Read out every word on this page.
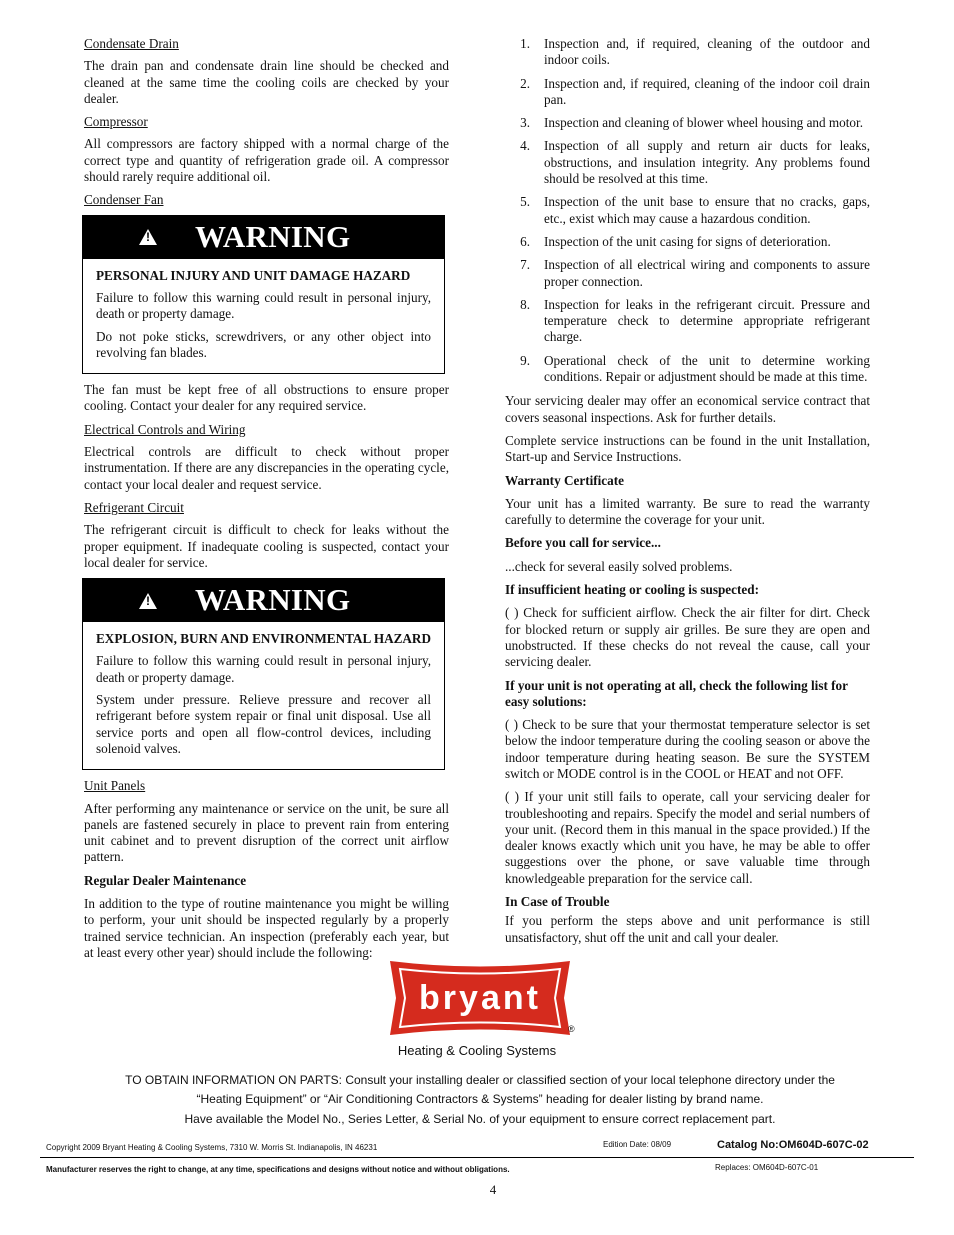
Condensate Drain

The drain pan and condensate drain line should be checked and cleaned at the same time the cooling coils are checked by your dealer.

Compressor

All compressors are factory shipped with a normal charge of the correct type and quantity of refrigeration grade oil. A compressor should rarely require additional oil.

Condenser Fan
! WARNING
PERSONAL INJURY AND UNIT DAMAGE HAZARD

Failure to follow this warning could result in personal injury, death or property damage.

Do not poke sticks, screwdrivers, or any other object into revolving fan blades.

The fan must be kept free of all obstructions to ensure proper cooling. Contact your dealer for any required service.

Electrical Controls and Wiring

Electrical controls are difficult to check without proper instrumentation. If there are any discrepancies in the operating cycle, contact your local dealer and request service.

Refrigerant Circuit

The refrigerant circuit is difficult to check for leaks without the proper equipment. If inadequate cooling is suspected, contact your local dealer for service.

! WARNING
EXPLOSION, BURN AND ENVIRONMENTAL HAZARD

Failure to follow this warning could result in personal injury, death or property damage.

System under pressure. Relieve pressure and recover all refrigerant before system repair or final unit disposal. Use all service ports and open all flow-control devices, including solenoid valves.

Unit Panels

After performing any maintenance or service on the unit, be sure all panels are fastened securely in place to prevent rain from entering unit cabinet and to prevent disruption of the correct unit airflow pattern.

Regular Dealer Maintenance

In addition to the type of routine maintenance you might be willing to perform, your unit should be inspected regularly by a properly trained service technician. An inspection (preferably each year, but at least every other year) should include the following:

1.	Inspection and, if required, cleaning of the outdoor and indoor coils.
2.	Inspection and, if required, cleaning of the indoor coil drain pan.
3.	Inspection and cleaning of blower wheel housing and motor.
4.	Inspection of all supply and return air ducts for leaks, obstructions, and insulation integrity. Any problems found should be resolved at this time.
5.	Inspection of the unit base to ensure that no cracks, gaps, etc., exist which may cause a hazardous condition.
6.	Inspection of the unit casing for signs of deterioration.
7.	Inspection of all electrical wiring and components to assure proper connection.
8.	Inspection for leaks in the refrigerant circuit. Pressure and temperature check to determine appropriate refrigerant charge.
9.	Operational check of the unit to determine working conditions. Repair or adjustment should be made at this time.

Your servicing dealer may offer an economical service contract that covers seasonal inspections. Ask for further details.

Complete service instructions can be found in the unit Installation, Start-up and Service Instructions.

Warranty Certificate

Your unit has a limited warranty. Be sure to read the warranty carefully to determine the coverage for your unit.

Before you call for service...

...check for several easily solved problems.

If insufficient heating or cooling is suspected:

( ) Check for sufficient airflow. Check the air filter for dirt. Check for blocked return or supply air grilles. Be sure they are open and unobstructed. If these checks do not reveal the cause, call your servicing dealer.

If your unit is not operating at all, check the following list for easy solutions:

( ) Check to be sure that your thermostat temperature selector is set below the indoor temperature during the cooling season or above the indoor temperature during heating season. Be sure the SYSTEM switch or MODE control is in the COOL or HEAT and not OFF.

( ) If your unit still fails to operate, call your servicing dealer for troubleshooting and repairs. Specify the model and serial numbers of your unit. (Record them in this manual in the space provided.) If the dealer knows exactly which unit you have, he may be able to offer suggestions over the phone, or save valuable time through knowledgeable preparation for the service call.

In Case of Trouble

If you perform the steps above and unit performance is still unsatisfactory, shut off the unit and call your dealer.

bryant
®
Heating & Cooling Systems
TO OBTAIN INFORMATION ON PARTS: Consult your installing dealer or classified section of your local telephone directory under the
“Heating Equipment” or “Air Conditioning Contractors & Systems” heading for dealer listing by brand name.
Have available the Model No., Series Letter, & Serial No. of your equipment to ensure correct replacement part.
Copyright 2009 Bryant Heating & Cooling Systems, 7310 W. Morris St. Indianapolis, IN 46231	Edition Date: 08/09	Catalog No:OM604D-607C-02
Manufacturer reserves the right to change, at any time, specifications and designs without notice and without obligations.	Replaces: OM604D-607C-01
4
